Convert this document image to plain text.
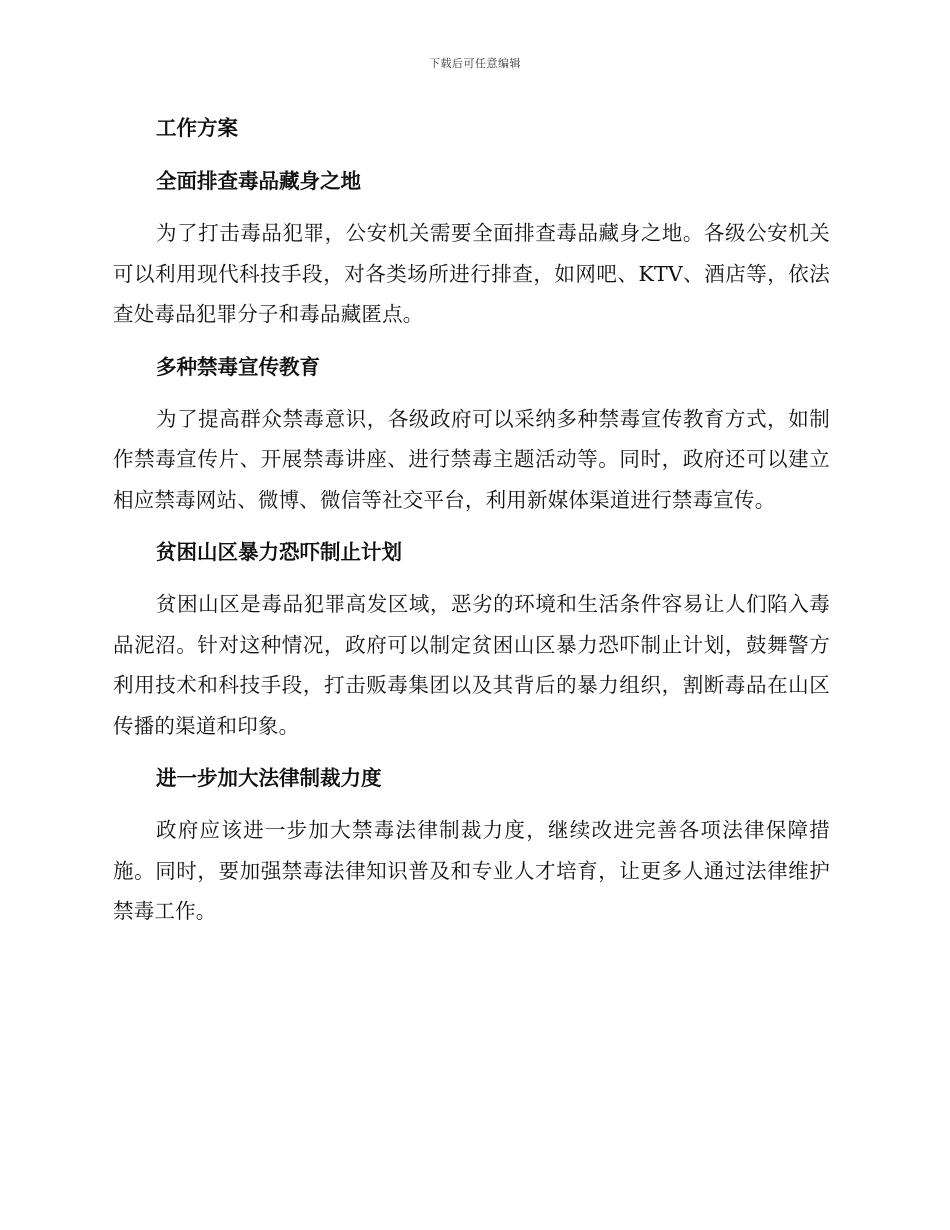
下载后可任意编辑
工作方案
全面排查毒品藏身之地

为了打击毒品犯罪，公安机关需要全面排查毒品藏身之地。各级公安机关可以利用现代科技手段，对各类场所进行排查，如网吧、KTV、酒店等，依法查处毒品犯罪分子和毒品藏匿点。

多种禁毒宣传教育

为了提高群众禁毒意识，各级政府可以采纳多种禁毒宣传教育方式，如制作禁毒宣传片、开展禁毒讲座、进行禁毒主题活动等。同时，政府还可以建立相应禁毒网站、微博、微信等社交平台，利用新媒体渠道进行禁毒宣传。

贫困山区暴力恐吓制止计划

贫困山区是毒品犯罪高发区域，恶劣的环境和生活条件容易让人们陷入毒品泥沼。针对这种情况，政府可以制定贫困山区暴力恐吓制止计划，鼓舞警方利用技术和科技手段，打击贩毒集团以及其背后的暴力组织，割断毒品在山区传播的渠道和印象。

进一步加大法律制裁力度

政府应该进一步加大禁毒法律制裁力度，继续改进完善各项法律保障措施。同时，要加强禁毒法律知识普及和专业人才培育，让更多人通过法律维护禁毒工作。
